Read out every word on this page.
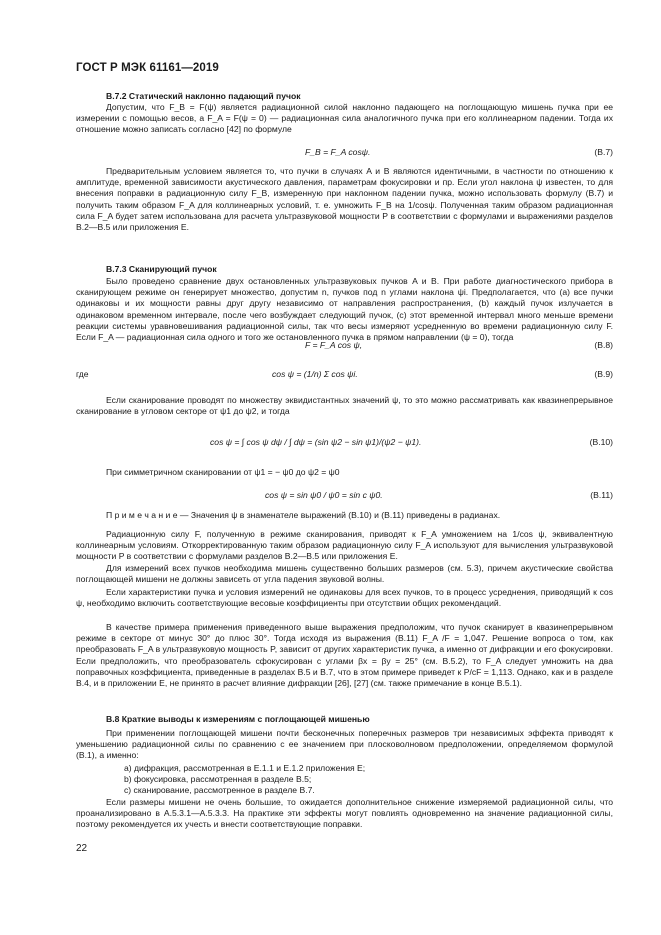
ГОСТ Р МЭК 61161—2019
В.7.2 Статический наклонно падающий пучок
Допустим, что F_B = F(ψ) является радиационной силой наклонно падающего на поглощающую мишень пучка при ее измерении с помощью весов, а F_A = F(ψ = 0) — радиационная сила аналогичного пучка при его коллинеарном падении. Тогда их отношение можно записать согласно [42] по формуле
F_B = F_A cosψ.	(B.7)
Предварительным условием является то, что пучки в случаях A и B являются идентичными, в частности по отношению к амплитуде, временной зависимости акустического давления, параметрам фокусировки и пр. Если угол наклона ψ известен, то для внесения поправки в радиационную силу F_B, измеренную при наклонном падении пучка, можно использовать формулу (B.7) и получить таким образом F_A для коллинеарных условий, т. е. умножить F_B на 1/cosψ. Полученная таким образом радиационная сила F_A будет затем использована для расчета ультразвуковой мощности P в соответствии с формулами и выражениями разделов B.2—B.5 или приложения Е.
В.7.3 Сканирующий пучок
Было проведено сравнение двух остановленных ультразвуковых пучков A и B. При работе диагностического прибора в сканирующем режиме он генерирует множество, допустим n, пучков под n углами наклона ψi. Предполагается, что (a) все пучки одинаковы и их мощности равны друг другу независимо от направления распространения, (b) каждый пучок излучается в одинаковом временном интервале, после чего возбуждает следующий пучок, (c) этот временной интервал много меньше времени реакции системы уравновешивания радиационной силы, так что весы измеряют усредненную во времени радиационную силу F. Если F_A — радиационная сила одного и того же остановленного пучка в прямом направлении (ψ = 0), тогда
F = F_A cos ψ,	(B.8)
где	cos ψ = (1/n) Σ cos ψi.	(B.9)
Если сканирование проводят по множеству эквидистантных значений ψ, то это можно рассматривать как квазинепрерывное сканирование в угловом секторе от ψ1 до ψ2, и тогда
cos ψ = ∫ cos ψ dψ / ∫ dψ = (sin ψ2 − sin ψ1)/(ψ2 − ψ1).	(B.10)
При симметричном сканировании от ψ1 = − ψ0 до ψ2 = ψ0
cos ψ = sin ψ0 / ψ0 = sin c ψ0.	(B.11)
П р и м е ч а н и е — Значения ψ в знаменателе выражений (B.10) и (B.11) приведены в радианах.
Радиационную силу F, полученную в режиме сканирования, приводят к F_A умножением на 1/cos ψ, эквивалентную коллинеарным условиям. Откорректированную таким образом радиационную силу F_A используют для вычисления ультразвуковой мощности P в соответствии с формулами разделов B.2—B.5 или приложения Е.
Для измерений всех пучков необходима мишень существенно больших размеров (см. 5.3), причем акустические свойства поглощающей мишени не должны зависеть от угла падения звуковой волны.
Если характеристики пучка и условия измерений не одинаковы для всех пучков, то в процесс усреднения, приводящий к cos ψ, необходимо включить соответствующие весовые коэффициенты при отсутствии общих рекомендаций.
В качестве примера применения приведенного выше выражения предположим, что пучок сканирует в квазинепрерывном режиме в секторе от минус 30° до плюс 30°. Тогда исходя из выражения (B.11) F_A /F = 1,047. Решение вопроса о том, как преобразовать F_A в ультразвуковую мощность P, зависит от других характеристик пучка, а именно от дифракции и его фокусировки. Если предположить, что преобразователь сфокусирован с углами βx = βy = 25° (см. B.5.2), то F_A следует умножить на два поправочных коэффициента, приведенные в разделах B.5 и B.7, что в этом примере приведет к P/cF = 1,113. Однако, как и в разделе B.4, и в приложении Е, не принято в расчет влияние дифракции [26], [27] (см. также примечание в конце B.5.1).
В.8 Краткие выводы к измерениям с поглощающей мишенью
При применении поглощающей мишени почти бесконечных поперечных размеров три независимых эффекта приводят к уменьшению радиационной силы по сравнению с ее значением при плосковолновом предположении, определяемом формулой (B.1), а именно:
a) дифракция, рассмотренная в Е.1.1 и Е.1.2 приложения Е;
b) фокусировка, рассмотренная в разделе B.5;
c) сканирование, рассмотренное в разделе B.7.
Если размеры мишени не очень большие, то ожидается дополнительное снижение измеряемой радиационной силы, что проанализировано в А.5.3.1—А.5.3.3. На практике эти эффекты могут повлиять одновременно на значение радиационной силы, поэтому рекомендуется их учесть и внести соответствующие поправки.
22
